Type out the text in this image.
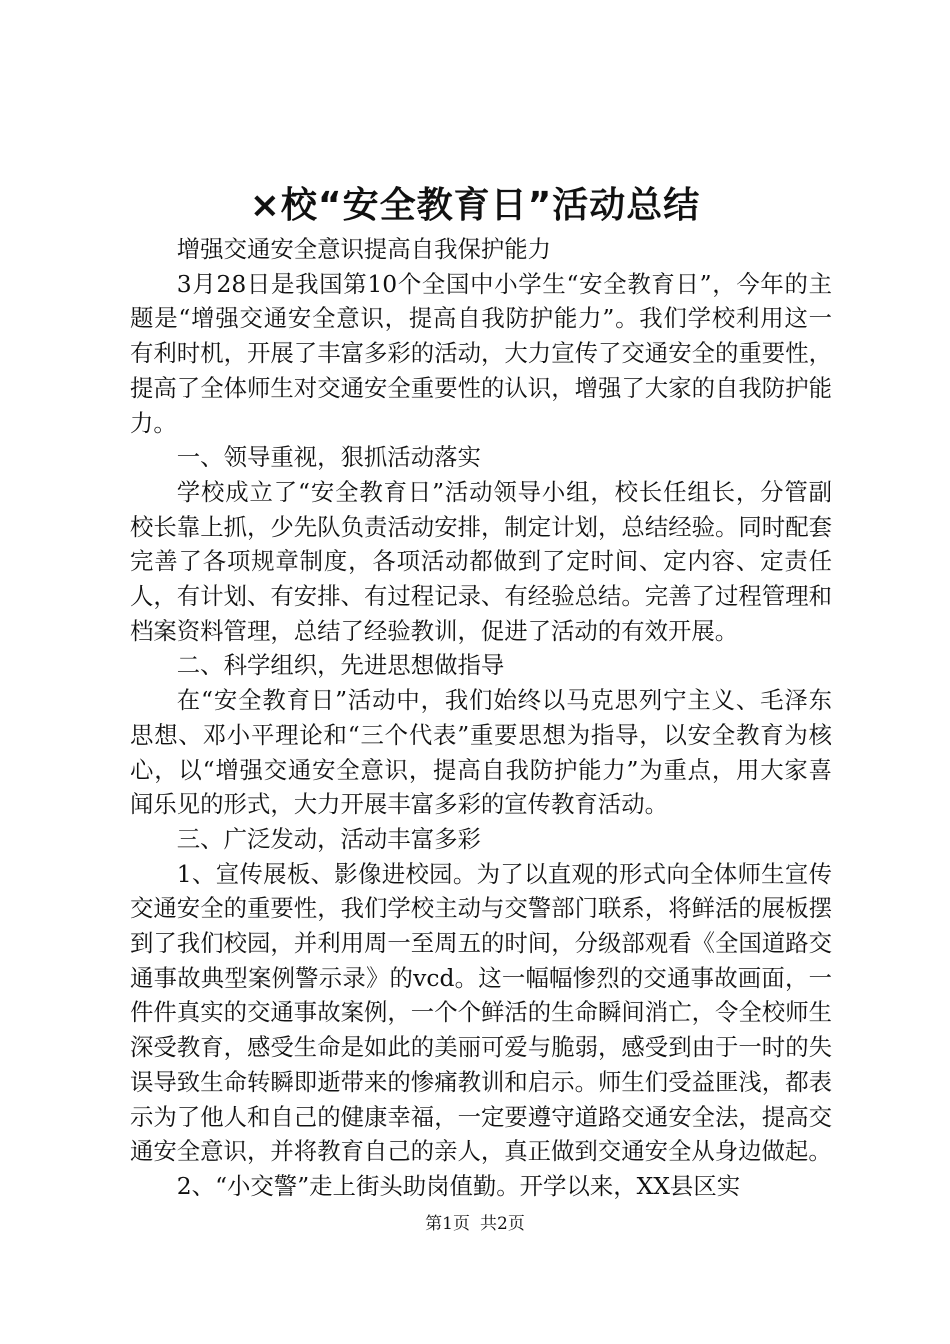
×校“安全教育日”活动总结

增强交通安全意识提高自我保护能力

3月28日是我国第10个全国中小学生“安全教育日”，今年的主题是“增强交通安全意识，提高自我防护能力”。我们学校利用这一有利时机，开展了丰富多彩的活动，大力宣传了交通安全的重要性，提高了全体师生对交通安全重要性的认识，增强了大家的自我防护能力。

一、领导重视，狠抓活动落实

学校成立了“安全教育日”活动领导小组，校长任组长，分管副校长靠上抓，少先队负责活动安排，制定计划，总结经验。同时配套完善了各项规章制度，各项活动都做到了定时间、定内容、定责任人，有计划、有安排、有过程记录、有经验总结。完善了过程管理和档案资料管理，总结了经验教训，促进了活动的有效开展。

二、科学组织，先进思想做指导

在“安全教育日”活动中，我们始终以马克思列宁主义、毛泽东思想、邓小平理论和“三个代表”重要思想为指导，以安全教育为核心，以“增强交通安全意识，提高自我防护能力”为重点，用大家喜闻乐见的形式，大力开展丰富多彩的宣传教育活动。

三、广泛发动，活动丰富多彩

1、宣传展板、影像进校园。为了以直观的形式向全体师生宣传交通安全的重要性，我们学校主动与交警部门联系，将鲜活的展板摆到了我们校园，并利用周一至周五的时间，分级部观看《全国道路交通事故典型案例警示录》的vcd。这一幅幅惨烈的交通事故画面，一件件真实的交通事故案例，一个个鲜活的生命瞬间消亡，令全校师生深受教育，感受生命是如此的美丽可爱与脆弱，感受到由于一时的失误导致生命转瞬即逝带来的惨痛教训和启示。师生们受益匪浅，都表示为了他人和自己的健康幸福，一定要遵守道路交通安全法，提高交通安全意识，并将教育自己的亲人，真正做到交通安全从身边做起。

2、“小交警”走上街头助岗值勤。开学以来，XX县区实

第1页 共2页
